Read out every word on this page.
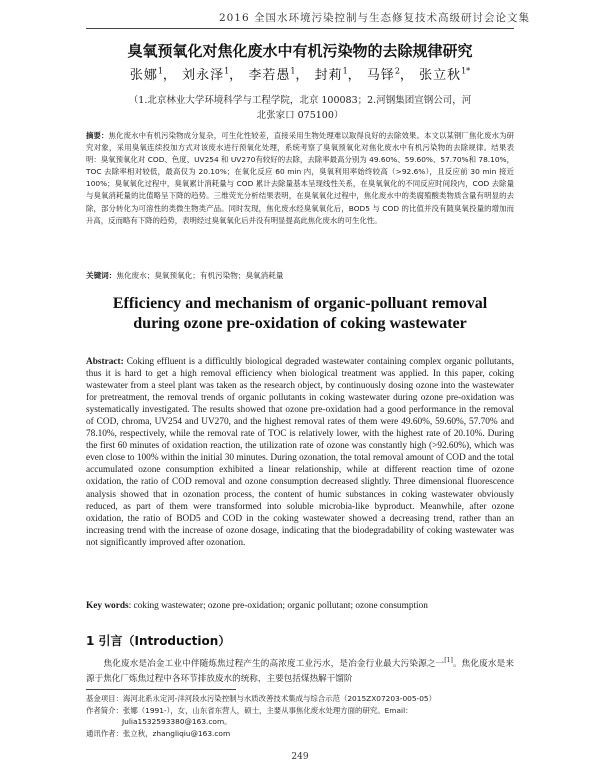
2016 全国水环境污染控制与生态修复技术高级研讨会论文集
臭氧预氧化对焦化废水中有机污染物的去除规律研究
张娜$^1$， 刘永泽$^1$， 李若愚$^1$， 封莉$^1$， 马铎$^2$， 张立秋$^{1*}$
（1.北京林业大学环境科学与工程学院，北京 100083；2.河钢集团宣钢公司，河
北张家口 075100）
摘要：焦化废水中有机污染物成分复杂，可生化性较差，直接采用生物处理难以取得良好的去除效果。本文以某钢厂焦化废水为研究对象，采用臭氧连续投加方式对该废水进行预氧化处理，系统考察了臭氧预氧化对焦化废水中有机污染物的去除规律。结果表明：臭氧预氧化对 COD、色度、UV254 和 UV270有较好的去除，去除率最高分别为 49.60%、59.60%、57.70%和 78.10%，TOC 去除率相对较低，最高仅为 20.10%；在氧化反应 60 min 内，臭氧利用率始终较高（>92.6%），且反应前 30 min 接近 100%；臭氧氧化过程中，臭氧累计消耗量与 COD 累计去除量基本呈现线性关系，在臭氧氧化的不同反应时间段内，COD 去除量与臭氧消耗量的比值略呈下降的趋势。三维荧光分析结果表明，在臭氧氧化过程中，焦化废水中的类腐殖酸类物质含量有明显的去除，部分转化为可溶性的类微生物类产品。同时发现，焦化废水经臭氧氧化后，BOD5 与 COD 的比值并没有随臭氧投量的增加而升高，反而略有下降的趋势，表明经过臭氧氧化后并没有明显提高此焦化废水的可生化性。
关键词：焦化废水；臭氧预氧化；有机污染物；臭氧消耗量
Efficiency and mechanism of organic-polluant removal during ozone pre-oxidation of coking wastewater
Abstract: Coking effluent is a difficultly biological degraded wastewater containing complex organic pollutants, thus it is hard to get a high removal efficiency when biological treatment was applied. In this paper, coking wastewater from a steel plant was taken as the research object, by continuously dosing ozone into the wastewater for pretreatment, the removal trends of organic pollutants in coking wastewater during ozone pre-oxidation was systematically investigated. The results showed that ozone pre-oxidation had a good performance in the removal of COD, chroma, UV254 and UV270, and the highest removal rates of them were 49.60%, 59.60%, 57.70% and 78.10%, respectively, while the removal rate of TOC is relatively lower, with the highest rate of 20.10%. During the first 60 minutes of oxidation reaction, the utilization rate of ozone was constantly high (>92.60%), which was even close to 100% within the initial 30 minutes. During ozonation, the total removal amount of COD and the total accumulated ozone consumption exhibited a linear relationship, while at different reaction time of ozone oxidation, the ratio of COD removal and ozone consumption decreased slightly. Three dimensional fluorescence analysis showed that in ozonation process, the content of humic substances in coking wastewater obviously reduced, as part of them were transformed into soluble microbia-like byproduct. Meanwhile, after ozone oxidation, the ratio of BOD5 and COD in the coking wastewater showed a decreasing trend, rather than an increasing trend with the increase of ozone dosage, indicating that the biodegradability of coking wastewater was not significantly improved after ozonation.
Key words: coking wastewater; ozone pre-oxidation; organic pollutant; ozone consumption
1 引言（Introduction）
　　焦化废水是冶金工业中伴随炼焦过程产生的高浓度工业污水，是冶金行业最大污染源之一[1]。焦化废水是来源于焦化厂炼焦过程中各环节排放废水的统称，主要包括煤热解干馏阶
基金项目：海河北系永定河-洋河段水污染控制与水质改善技术集成与综合示范（2015ZX07203-005-05）
作者简介：张娜（1991-），女，山东省东营人，硕士，主要从事焦化废水处理方面的研究。Email：
Julia1532593380@163.com。
通讯作者：张立秋，zhangliqiu@163.com
249
